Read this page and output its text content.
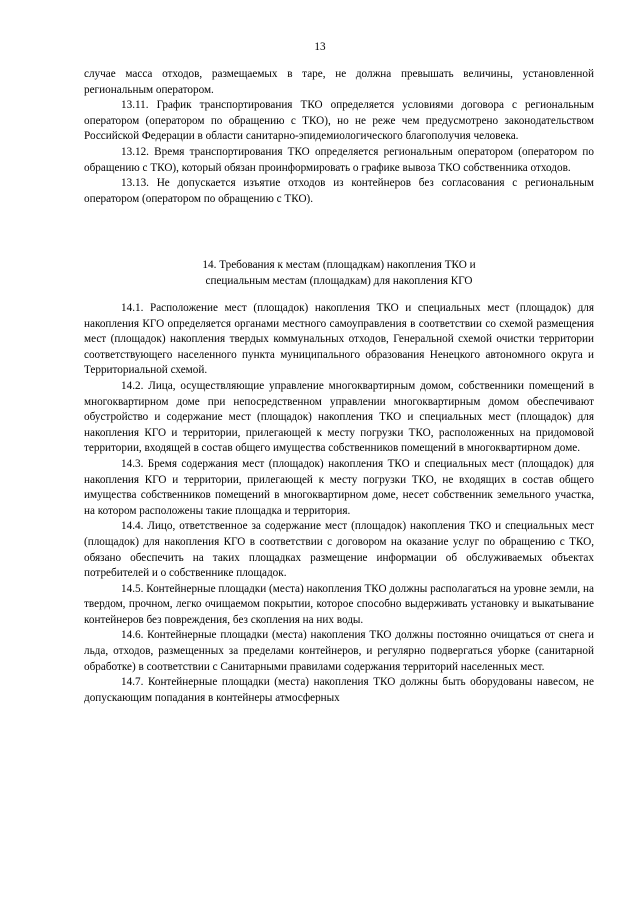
13

случае масса отходов, размещаемых в таре, не должна превышать величины, установленной региональным оператором.

13.11. График транспортирования ТКО определяется условиями договора с региональным оператором (оператором по обращению с ТКО), но не реже чем предусмотрено законодательством Российской Федерации в области санитарно-эпидемиологического благополучия человека.

13.12. Время транспортирования ТКО определяется региональным оператором (оператором по обращению с ТКО), который обязан проинформировать о графике вывоза ТКО собственника отходов.

13.13. Не допускается изъятие отходов из контейнеров без согласования с региональным оператором (оператором по обращению с ТКО).

14. Требования к местам (площадкам) накопления ТКО и

специальным местам (площадкам) для накопления КГО

14.1. Расположение мест (площадок) накопления ТКО и специальных мест (площадок) для накопления КГО определяется органами местного самоуправления в соответствии со схемой размещения мест (площадок) накопления твердых коммунальных отходов, Генеральной схемой очистки территории соответствующего населенного пункта муниципального образования Ненецкого автономного округа и Территориальной схемой.

14.2. Лица, осуществляющие управление многоквартирным домом, собственники помещений в многоквартирном доме при непосредственном управлении многоквартирным домом обеспечивают обустройство и содержание мест (площадок) накопления ТКО и специальных мест (площадок) для накопления КГО и территории, прилегающей к месту погрузки ТКО, расположенных на придомовой территории, входящей в состав общего имущества собственников помещений в многоквартирном доме.

14.3. Бремя содержания мест (площадок) накопления ТКО и специальных мест (площадок) для накопления КГО и территории, прилегающей к месту погрузки ТКО, не входящих в состав общего имущества собственников помещений в многоквартирном доме, несет собственник земельного участка, на котором расположены такие площадка и территория.

14.4. Лицо, ответственное за содержание мест (площадок) накопления ТКО и специальных мест (площадок) для накопления КГО в соответствии с договором на оказание услуг по обращению с ТКО, обязано обеспечить на таких площадках размещение информации об обслуживаемых объектах потребителей и о собственнике площадок.

14.5. Контейнерные площадки (места) накопления ТКО должны располагаться на уровне земли, на твердом, прочном, легко очищаемом покрытии, которое способно выдерживать установку и выкатывание контейнеров без повреждения, без скопления на них воды.

14.6. Контейнерные площадки (места) накопления ТКО должны постоянно очищаться от снега и льда, отходов, размещенных за пределами контейнеров, и регулярно подвергаться уборке (санитарной обработке) в соответствии с Санитарными правилами содержания территорий населенных мест.

14.7. Контейнерные площадки (места) накопления ТКО должны быть оборудованы навесом, не допускающим попадания в контейнеры атмосферных
